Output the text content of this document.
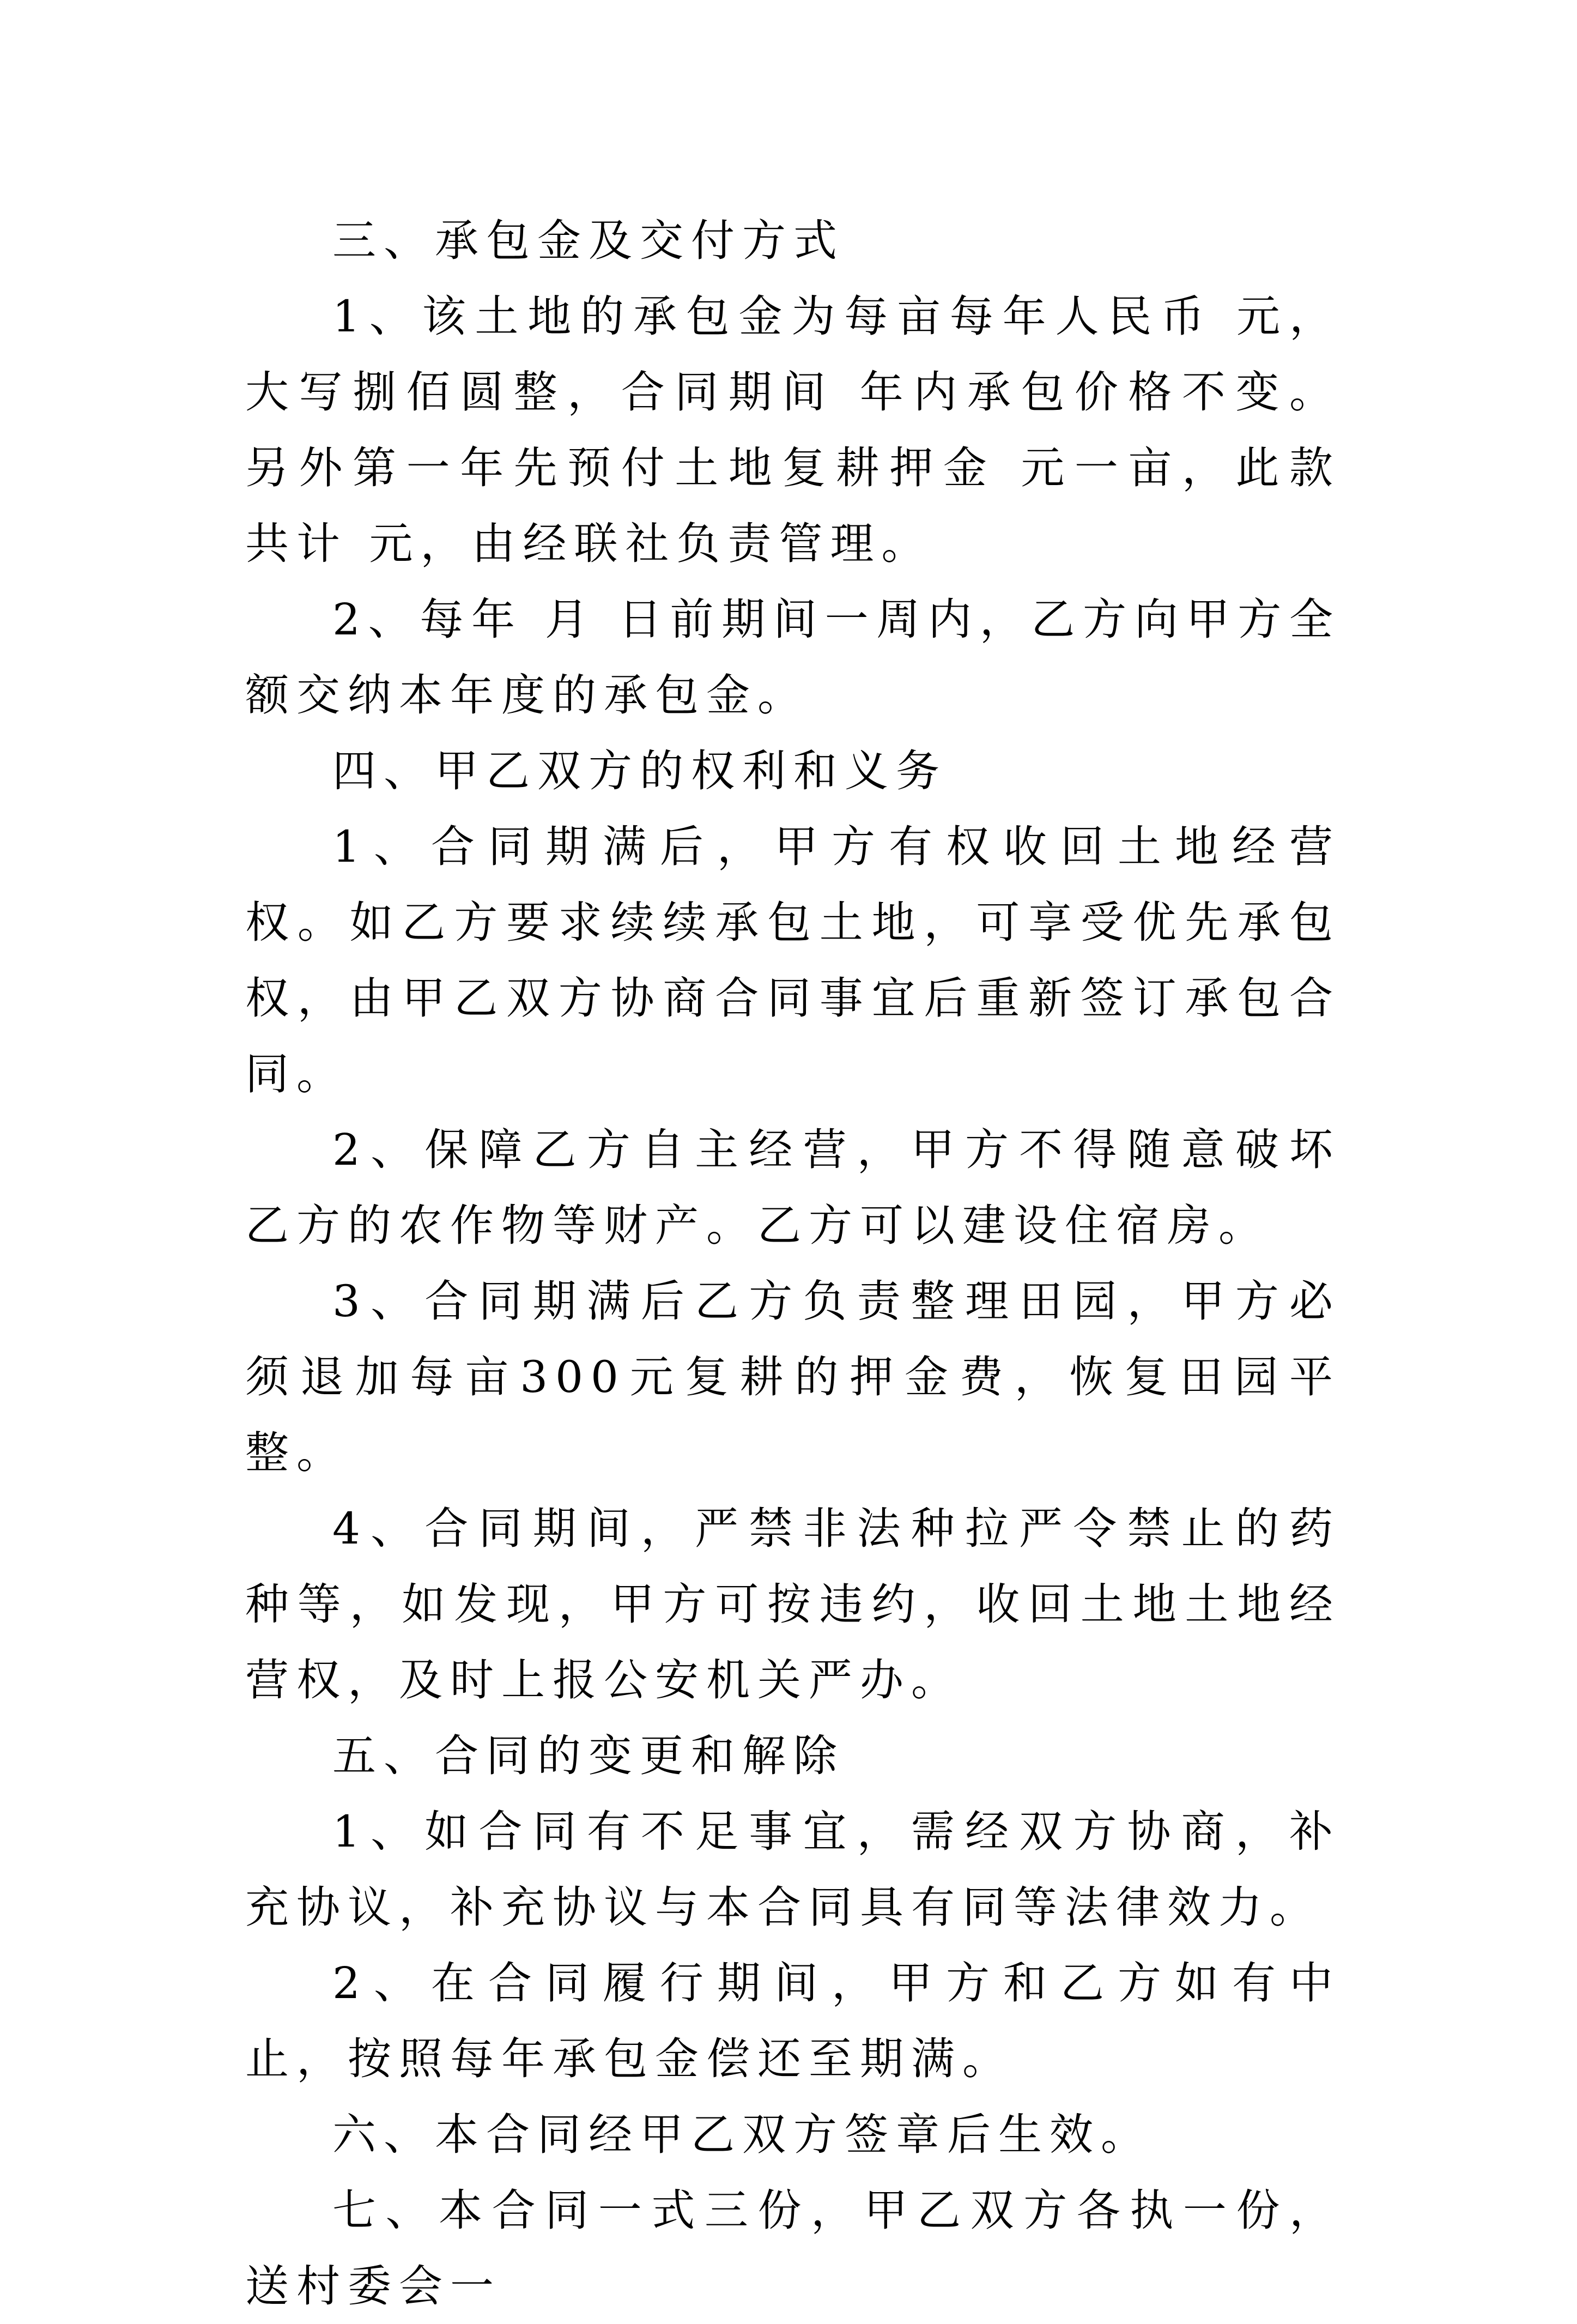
三、承包金及交付方式

1、该土地的承包金为每亩每年人民币 元，大写捌佰圆整，合同期间 年内承包价格不变。另外第一年先预付土地复耕押金 元一亩，此款共计 元，由经联社负责管理。

2、每年 月 日前期间一周内，乙方向甲方全额交纳本年度的承包金。

四、甲乙双方的权利和义务

1、合同期满后，甲方有权收回土地经营权。如乙方要求续续承包土地，可享受优先承包权，由甲乙双方协商合同事宜后重新签订承包合同。

2、保障乙方自主经营，甲方不得随意破坏乙方的农作物等财产。乙方可以建设住宿房。

3、合同期满后乙方负责整理田园，甲方必须退加每亩300元复耕的押金费，恢复田园平整。

4、合同期间，严禁非法种拉严令禁止的药种等，如发现，甲方可按违约，收回土地土地经营权，及时上报公安机关严办。

五、合同的变更和解除

1、如合同有不足事宜，需经双方协商，补充协议，补充协议与本合同具有同等法律效力。

2、在合同履行期间，甲方和乙方如有中止，按照每年承包金偿还至期满。

六、本合同经甲乙双方签章后生效。

七、本合同一式三份，甲乙双方各执一份，送村委会一
